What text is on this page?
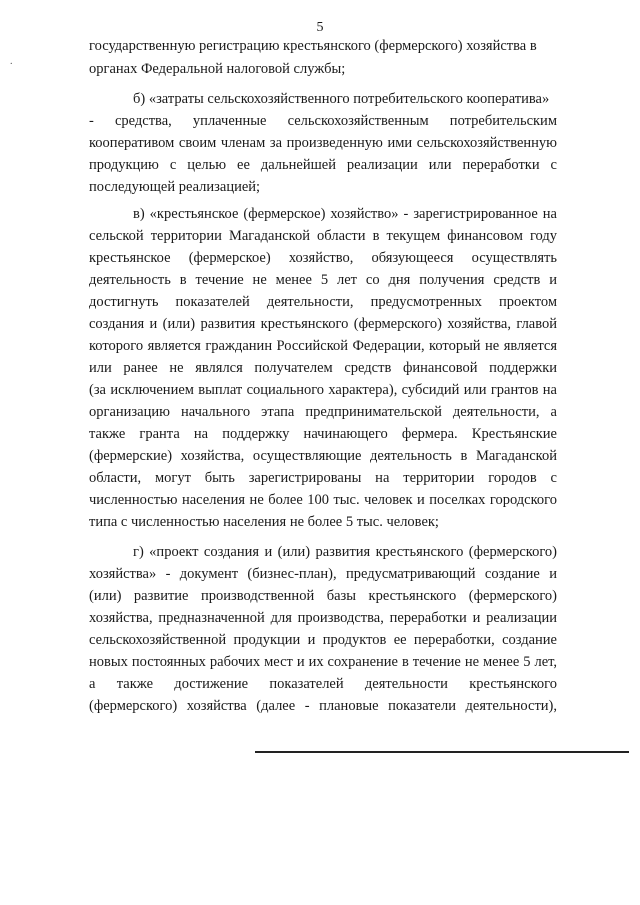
5
.
государственную регистрацию крестьянского (фермерского) хозяйства в
органах Федеральной налоговой службы;
б) «затраты сельскохозяйственного потребительского кооператива»
- средства, уплаченные сельскохозяйственным потребительским
кооперативом своим членам за произведенную ими сельскохозяйственную
продукцию с целью ее дальнейшей реализации или переработки с
последующей реализацией;
в) «крестьянское (фермерское) хозяйство» - зарегистрированное на
сельской территории Магаданской области в текущем финансовом году
крестьянское (фермерское) хозяйство, обязующееся осуществлять
деятельность в течение не менее 5 лет со дня получения средств и
достигнуть показателей деятельности, предусмотренных проектом
создания и (или) развития крестьянского (фермерского) хозяйства, главой
которого является гражданин Российской Федерации, который не является
или ранее не являлся получателем средств финансовой поддержки
(за исключением выплат социального характера), субсидий или грантов на
организацию начального этапа предпринимательской деятельности, а
также гранта на поддержку начинающего фермера. Крестьянские
(фермерские) хозяйства, осуществляющие деятельность в Магаданской
области, могут быть зарегистрированы на территории городов с
численностью населения не более 100 тыс. человек и поселках городского
типа с численностью населения не более 5 тыс. человек;
г) «проект создания и (или) развития крестьянского (фермерского)
хозяйства» - документ (бизнес-план), предусматривающий создание и
(или) развитие производственной базы крестьянского (фермерского)
хозяйства, предназначенной для производства, переработки и реализации
сельскохозяйственной продукции и продуктов ее переработки, создание
новых постоянных рабочих мест и их сохранение в течение не менее 5 лет,
а также достижение показателей деятельности крестьянского
(фермерского) хозяйства (далее - плановые показатели деятельности),
